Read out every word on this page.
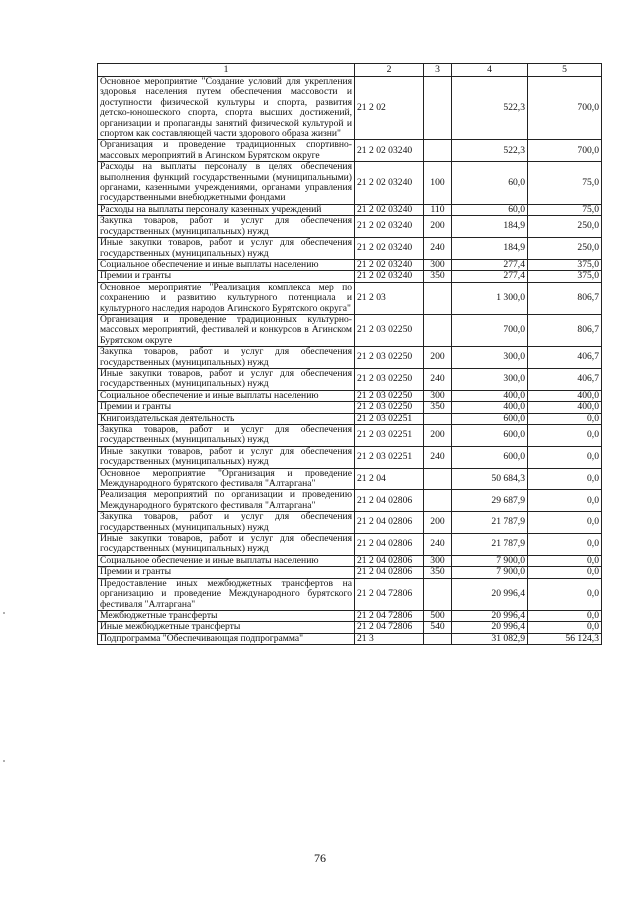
1	2	3	4	5
Основное мероприятие "Создание условий для укрепления здоровья населения путем обеспечения массовости и доступности физической культуры и спорта, развития детско-юношеского спорта, спорта высших достижений, организации и пропаганды занятий физической культурой и спортом как составляющей части здорового образа жизни"	21 2 02		522,3	700,0
Организация и проведение традиционных спортивно-массовых мероприятий в Агинском Бурятском округе	21 2 02 03240		522,3	700,0
Расходы на выплаты персоналу в целях обеспечения выполнения функций государственными (муниципальными) органами, казенными учреждениями, органами управления государственными внебюджетными фондами	21 2 02 03240	100	60,0	75,0
Расходы на выплаты персоналу казенных учреждений	21 2 02 03240	110	60,0	75,0
Закупка товаров, работ и услуг для обеспечения государственных (муниципальных) нужд	21 2 02 03240	200	184,9	250,0
Иные закупки товаров, работ и услуг для обеспечения государственных (муниципальных) нужд	21 2 02 03240	240	184,9	250,0
Социальное обеспечение и иные выплаты населению	21 2 02 03240	300	277,4	375,0
Премии и гранты	21 2 02 03240	350	277,4	375,0
Основное мероприятие "Реализация комплекса мер по сохранению и развитию культурного потенциала и культурного наследия народов Агинского Бурятского округа"	21 2 03		1 300,0	806,7
Организация и проведение традиционных культурно-массовых мероприятий, фестивалей и конкурсов в Агинском Бурятском округе	21 2 03 02250		700,0	806,7
Закупка товаров, работ и услуг для обеспечения государственных (муниципальных) нужд	21 2 03 02250	200	300,0	406,7
Иные закупки товаров, работ и услуг для обеспечения государственных (муниципальных) нужд	21 2 03 02250	240	300,0	406,7
Социальное обеспечение и иные выплаты населению	21 2 03 02250	300	400,0	400,0
Премии и гранты	21 2 03 02250	350	400,0	400,0
Книгоиздательская деятельность	21 2 03 02251		600,0	0,0
Закупка товаров, работ и услуг для обеспечения государственных (муниципальных) нужд	21 2 03 02251	200	600,0	0,0
Иные закупки товаров, работ и услуг для обеспечения государственных (муниципальных) нужд	21 2 03 02251	240	600,0	0,0
Основное мероприятие "Организация и проведение Международного бурятского фестиваля "Алтаргана"	21 2 04		50 684,3	0,0
Реализация мероприятий по организации и проведению Международного бурятского фестиваля "Алтаргана"	21 2 04 02806		29 687,9	0,0
Закупка товаров, работ и услуг для обеспечения государственных (муниципальных) нужд	21 2 04 02806	200	21 787,9	0,0
Иные закупки товаров, работ и услуг для обеспечения государственных (муниципальных) нужд	21 2 04 02806	240	21 787,9	0,0
Социальное обеспечение и иные выплаты населению	21 2 04 02806	300	7 900,0	0,0
Премии и гранты	21 2 04 02806	350	7 900,0	0,0
Предоставление иных межбюджетных трансфертов на организацию и проведение Международного бурятского фестиваля "Алтаргана"	21 2 04 72806		20 996,4	0,0
Межбюджетные трансферты	21 2 04 72806	500	20 996,4	0,0
Иные межбюджетные трансферты	21 2 04 72806	540	20 996,4	0,0
Подпрограмма "Обеспечивающая подпрограмма"	21 3		31 082,9	56 124,3
76
